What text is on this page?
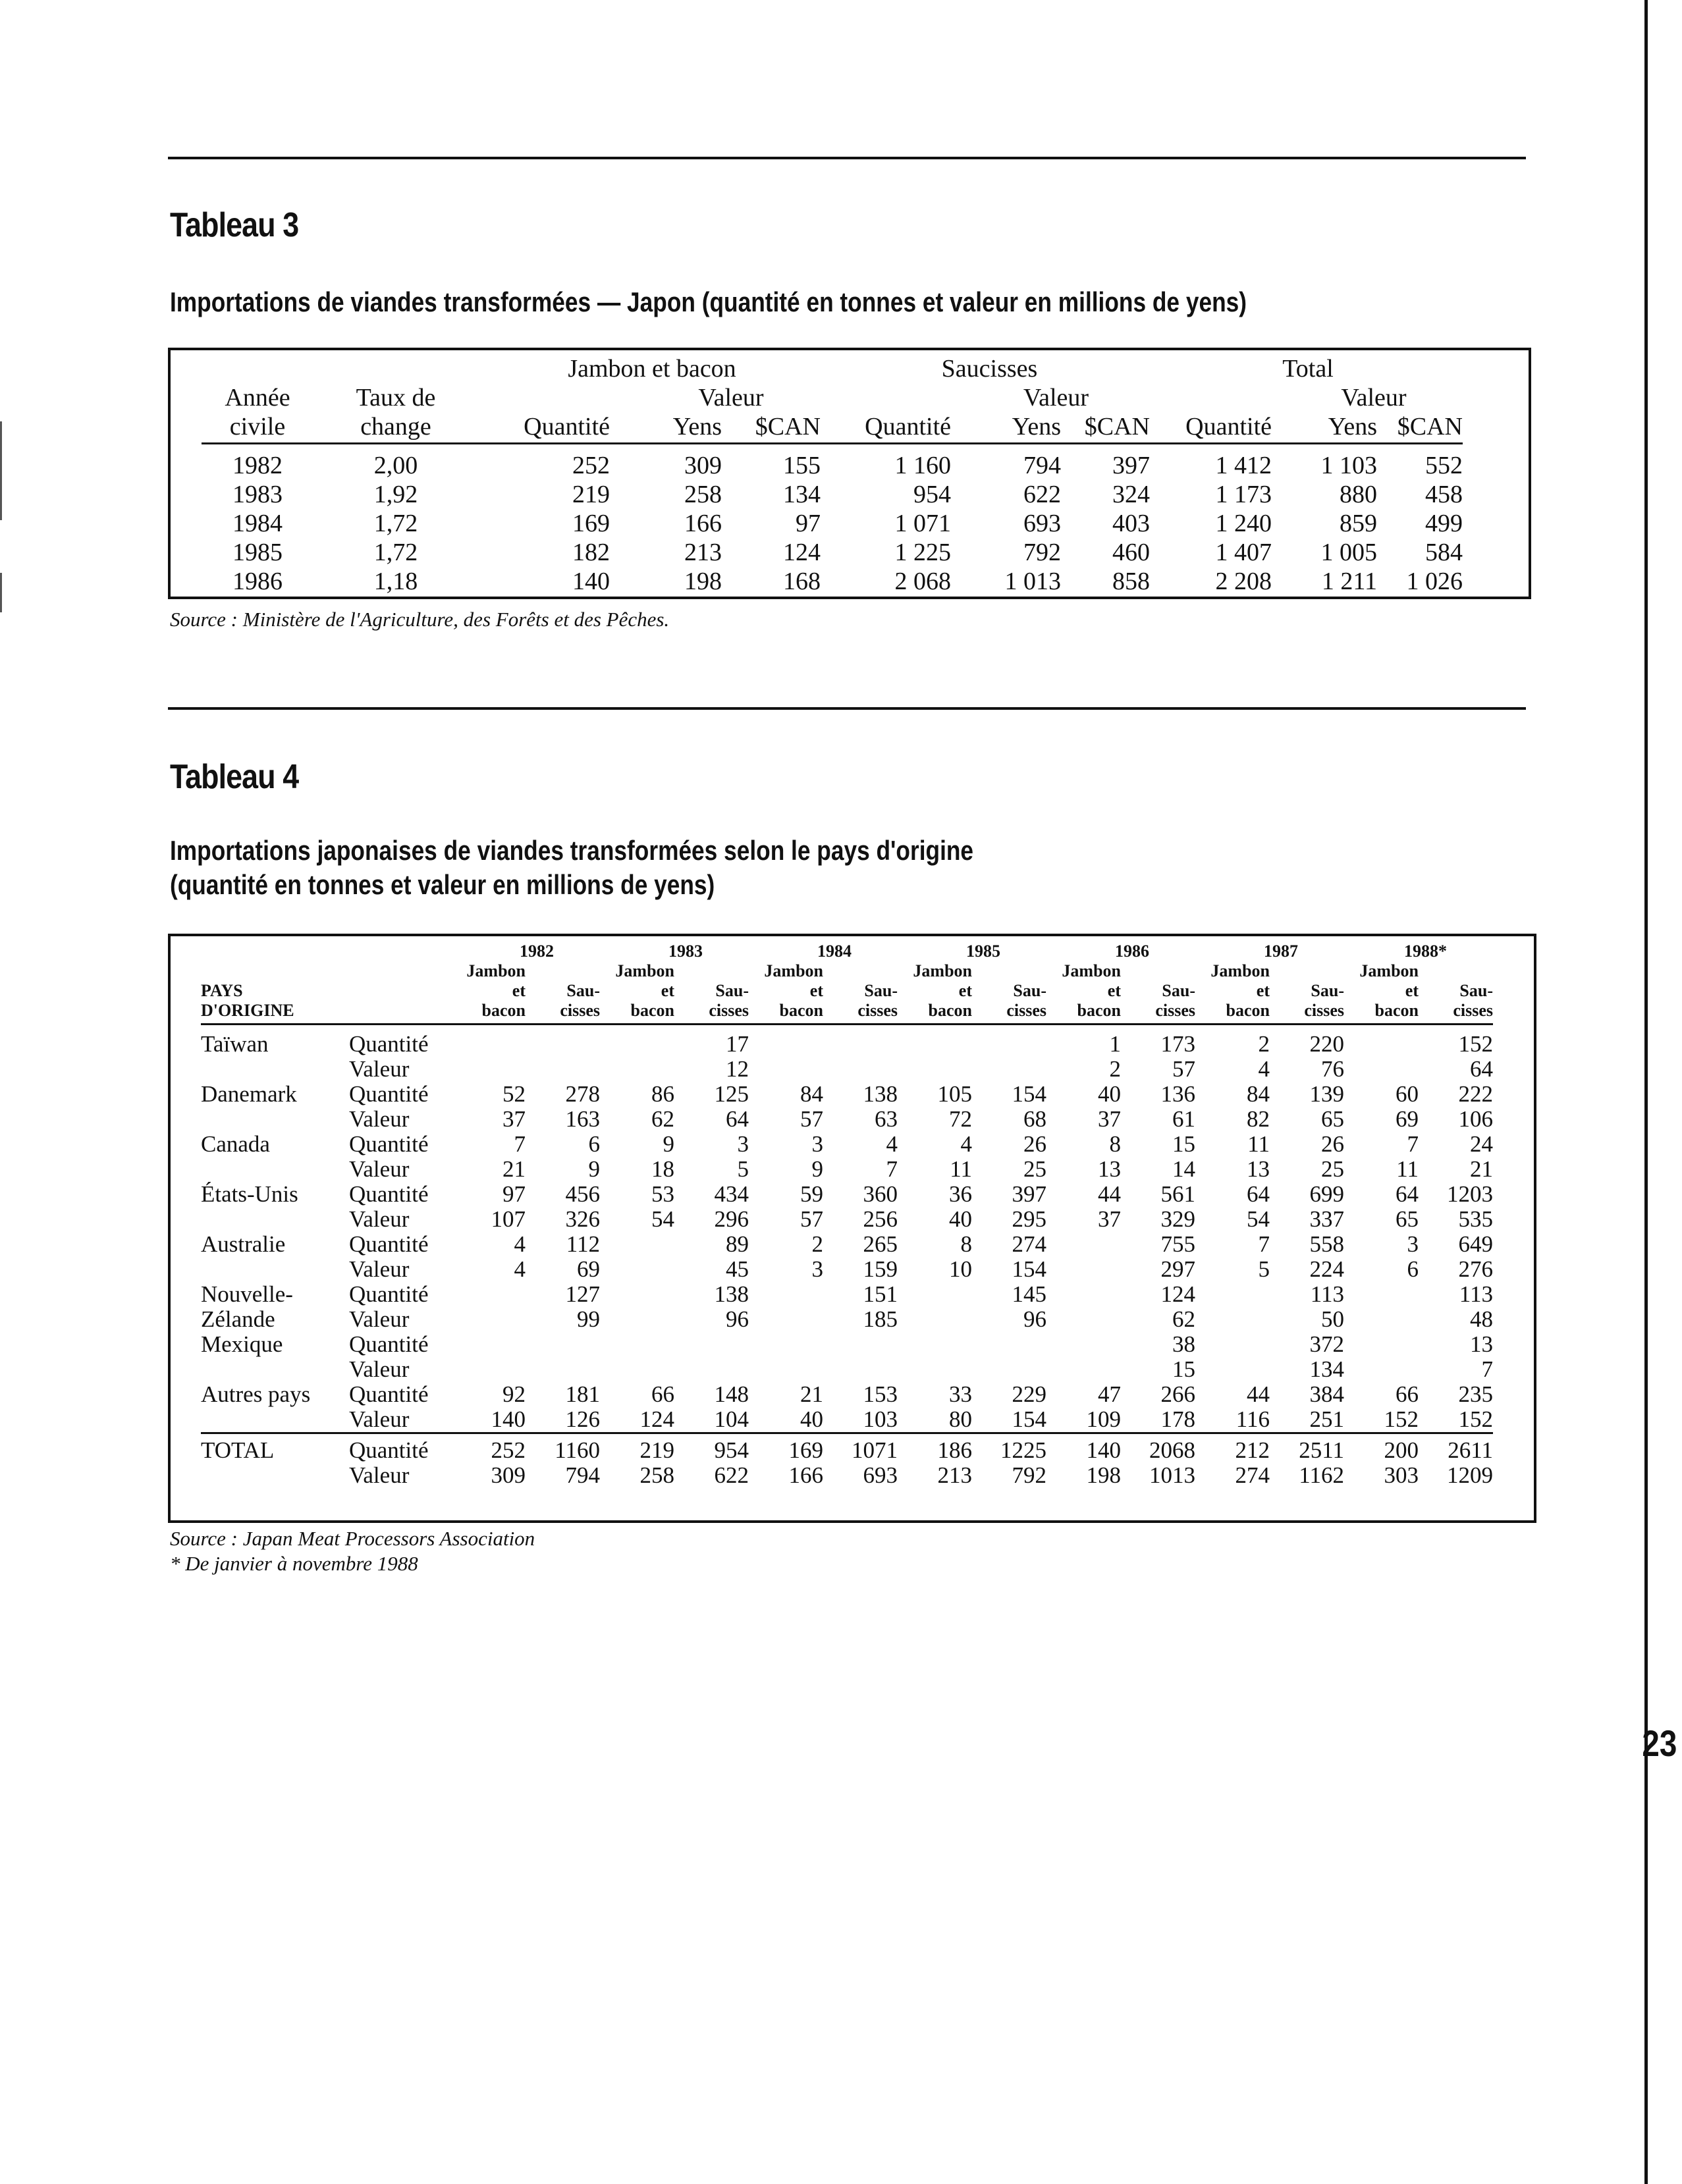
Tableau 3
Importations de viandes transformées — Japon (quantité en tonnes et valeur en millions de yens)
		Jambon et bacon			Saucisses			Total		
Année	Taux de		Valeur			Valeur			Valeur	
civile	change	Quantité	Yens	$CAN	Quantité	Yens	$CAN	Quantité	Yens	$CAN
1982	2,00	252	309	155	1 160	794	397	1 412	1 103	552
1983	1,92	219	258	134	954	622	324	1 173	880	458
1984	1,72	169	166	97	1 071	693	403	1 240	859	499
1985	1,72	182	213	124	1 225	792	460	1 407	1 005	584
1986	1,18	140	198	168	2 068	1 013	858	2 208	1 211	1 026
Source : Ministère de l'Agriculture, des Forêts et des Pêches.
Tableau 4
Importations japonaises de viandes transformées selon le pays d'origine
(quantité en tonnes et valeur en millions de yens)
		1982		1983		1984		1985		1986		1987		1988*	
		Jambon		Jambon		Jambon		Jambon		Jambon		Jambon		Jambon	
PAYS		et	Sau-	et	Sau-	et	Sau-	et	Sau-	et	Sau-	et	Sau-	et	Sau-
D'ORIGINE		bacon	cisses	bacon	cisses	bacon	cisses	bacon	cisses	bacon	cisses	bacon	cisses	bacon	cisses
Taïwan	Quantité				17					1	173	2	220		152
	Valeur				12					2	57	4	76		64
Danemark	Quantité	52	278	86	125	84	138	105	154	40	136	84	139	60	222
	Valeur	37	163	62	64	57	63	72	68	37	61	82	65	69	106
Canada	Quantité	7	6	9	3	3	4	4	26	8	15	11	26	7	24
	Valeur	21	9	18	5	9	7	11	25	13	14	13	25	11	21
États-Unis	Quantité	97	456	53	434	59	360	36	397	44	561	64	699	64	1203
	Valeur	107	326	54	296	57	256	40	295	37	329	54	337	65	535
Australie	Quantité	4	112		89	2	265	8	274		755	7	558	3	649
	Valeur	4	69		45	3	159	10	154		297	5	224	6	276
Nouvelle-	Quantité		127		138		151		145		124		113		113
Zélande	Valeur		99		96		185		96		62		50		48
Mexique	Quantité										38		372		13
	Valeur										15		134		7
Autres pays	Quantité	92	181	66	148	21	153	33	229	47	266	44	384	66	235
	Valeur	140	126	124	104	40	103	80	154	109	178	116	251	152	152
TOTAL	Quantité	252	1160	219	954	169	1071	186	1225	140	2068	212	2511	200	2611
	Valeur	309	794	258	622	166	693	213	792	198	1013	274	1162	303	1209
Source : Japan Meat Processors Association
* De janvier à novembre 1988
23
